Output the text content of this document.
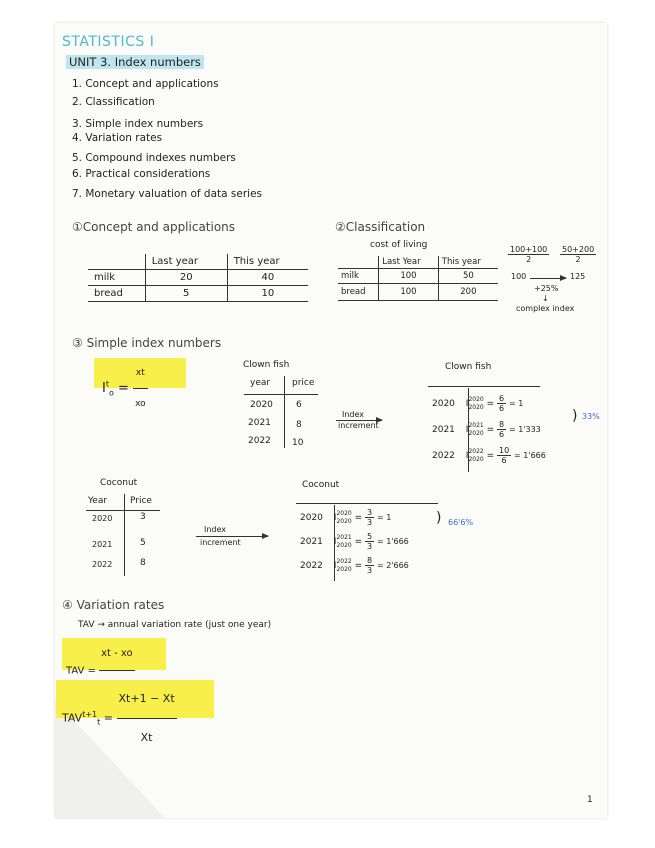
STATISTICS I
UNIT 3. Index numbers
1. Concept and applications
2. Classification
3. Simple index numbers
4. Variation rates
5. Compound indexes numbers
6. Practical considerations
7. Monetary valuation of data series
①Concept and applications
	Last year	This year
milk	20	40
bread	5	10
②Classification
cost of living
	Last Year	This year
milk	100	50
bread	100	200
$\frac{100+100}{2} \frac{50+200}{2}$
100	125
+25%
↓
complex index
③ Simple index numbers
$I^t_o = \frac{xt}{xo}$	Clown fish
year price
2020	6
2021	8
2022 10
Index
increment
Clown fish
2020 I 2020
$2020 = \frac{6}{6} = 1$
2021 I 2021
$2020 = \frac{8}{6} = 1'333$
2022 I 2022
$2020 = \frac{10}{6} = 1'666$
) 33%
Coconut
Year	Price
2020	3
2021	5
2022	8
Index
increment
Coconut
2020 I 2020
$2020 = \frac{3}{3} = 1$
2021 I 2021
$2020 = \frac{5}{3} = 1'666$
2022 I 2022
$2020 = \frac{8}{3} = 2'666$
) 66'6%
④ Variation rates
TAV → annual variation rate (just one year)
TAV =
xt - xo
$TAV^{t+1}_t = \frac{Xt+1 - Xt}{Xt}$
1
